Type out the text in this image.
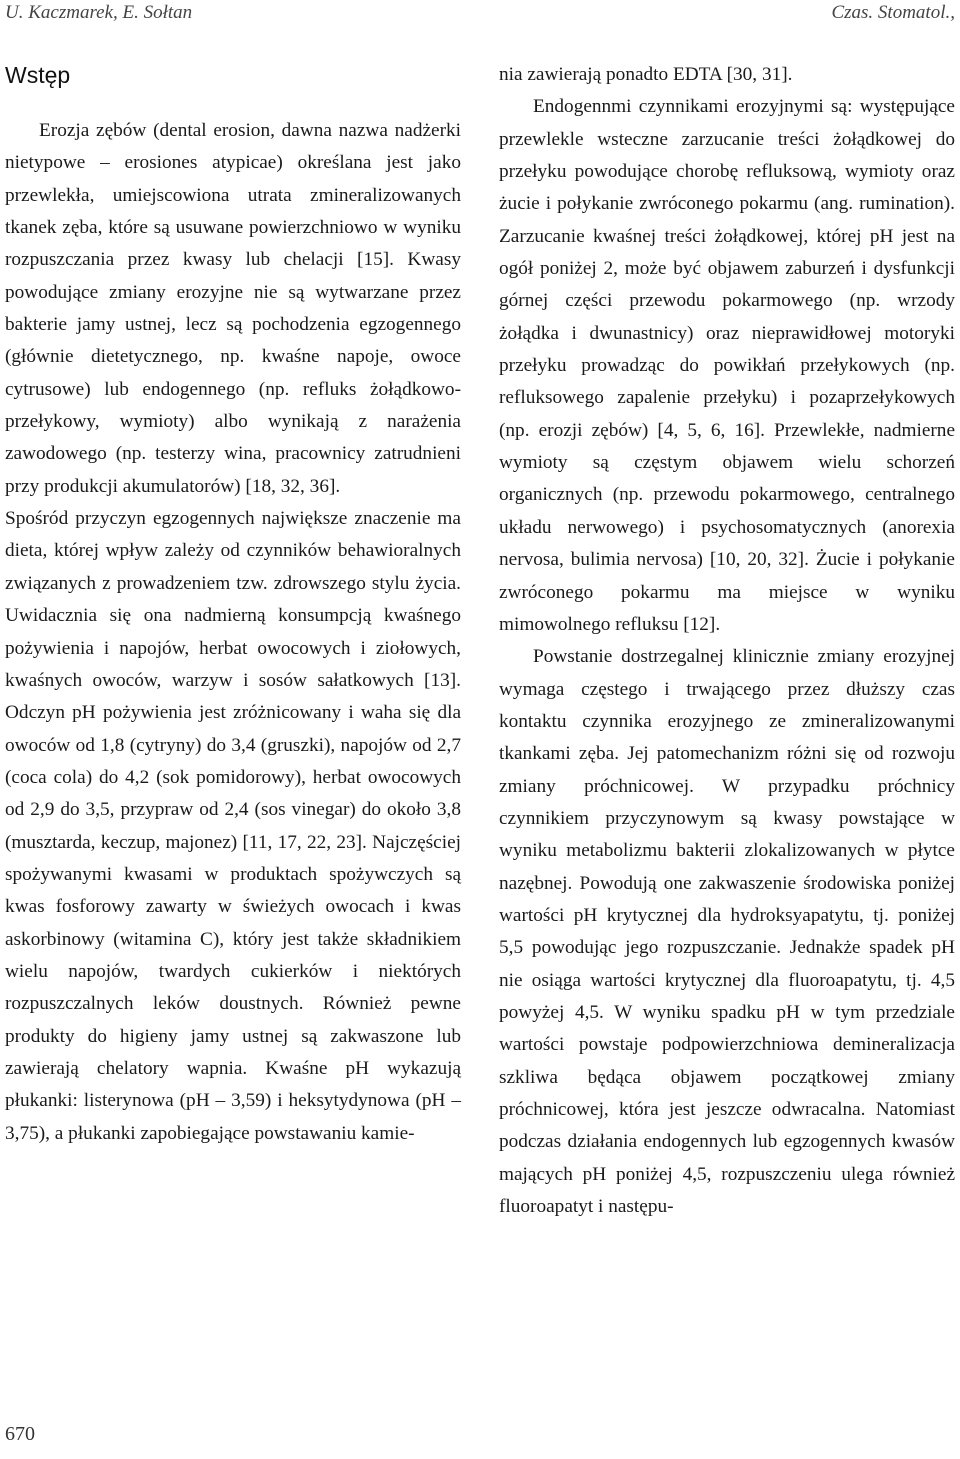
U. Kaczmarek, E. Sołtan	Czas. Stomatol.,
Wstęp

Erozja zębów (dental erosion, dawna nazwa nadżerki nietypowe – erosiones atypicae) określana jest jako przewlekła, umiejscowiona utrata zmineralizowanych tkanek zęba, które są usuwane powierzchniowo w wyniku rozpuszczania przez kwasy lub chelacji [15]. Kwasy powodujące zmiany erozyjne nie są wytwarzane przez bakterie jamy ustnej, lecz są pochodzenia egzogennego (głównie dietetycznego, np. kwaśne napoje, owoce cytrusowe) lub endogennego (np. refluks żołądkowo-przełykowy, wymioty) albo wynikają z narażenia zawodowego (np. testerzy wina, pracownicy zatrudnieni przy produkcji akumulatorów) [18, 32, 36].

Spośród przyczyn egzogennych największe znaczenie ma dieta, której wpływ zależy od czynników behawioralnych związanych z prowadzeniem tzw. zdrowszego stylu życia. Uwidacznia się ona nadmierną konsumpcją kwaśnego pożywienia i napojów, herbat owocowych i ziołowych, kwaśnych owoców, warzyw i sosów sałatkowych [13]. Odczyn pH pożywienia jest zróżnicowany i waha się dla owoców od 1,8 (cytryny) do 3,4 (gruszki), napojów od 2,7 (coca cola) do 4,2 (sok pomidorowy), herbat owocowych od 2,9 do 3,5, przypraw od 2,4 (sos vinegar) do około 3,8 (musztarda, keczup, majonez) [11, 17, 22, 23]. Najczęściej spożywanymi kwasami w produktach spożywczych są kwas fosforowy zawarty w świeżych owocach i kwas askorbinowy (witamina C), który jest także składnikiem wielu napojów, twardych cukierków i niektórych rozpuszczalnych leków doustnych. Również pewne produkty do higieny jamy ustnej są zakwaszone lub zawierają chelatory wapnia. Kwaśne pH wykazują płukanki: listerynowa (pH – 3,59) i heksytydynowa (pH – 3,75), a płukanki zapobiegające powstawaniu kamie-

nia zawierają ponadto EDTA [30, 31].

Endogennmi czynnikami erozyjnymi są: występujące przewlekle wsteczne zarzucanie treści żołądkowej do przełyku powodujące chorobę refluksową, wymioty oraz żucie i połykanie zwróconego pokarmu (ang. rumination). Zarzucanie kwaśnej treści żołądkowej, której pH jest na ogół poniżej 2, może być objawem zaburzeń i dysfunkcji górnej części przewodu pokarmowego (np. wrzody żołądka i dwunastnicy) oraz nieprawidłowej motoryki przełyku prowadząc do powikłań przełykowych (np. refluksowego zapalenie przełyku) i pozaprzełykowych (np. erozji zębów) [4, 5, 6, 16]. Przewlekłe, nadmierne wymioty są częstym objawem wielu schorzeń organicznych (np. przewodu pokarmowego, centralnego układu nerwowego) i psychosomatycznych (anorexia nervosa, bulimia nervosa) [10, 20, 32]. Żucie i połykanie zwróconego pokarmu ma miejsce w wyniku mimowolnego refluksu [12].

Powstanie dostrzegalnej klinicznie zmiany erozyjnej wymaga częstego i trwającego przez dłuższy czas kontaktu czynnika erozyjnego ze zmineralizowanymi tkankami zęba. Jej patomechanizm różni się od rozwoju zmiany próchnicowej. W przypadku próchnicy czynnikiem przyczynowym są kwasy powstające w wyniku metabolizmu bakterii zlokalizowanych w płytce nazębnej. Powodują one zakwaszenie środowiska poniżej wartości pH krytycznej dla hydroksyapatytu, tj. poniżej 5,5 powodując jego rozpuszczanie. Jednakże spadek pH nie osiąga wartości krytycznej dla fluoroapatytu, tj. 4,5 powyżej 4,5. W wyniku spadku pH w tym przedziale wartości powstaje podpowierzchniowa demineralizacja szkliwa będąca objawem początkowej zmiany próchnicowej, która jest jeszcze odwracalna. Natomiast podczas działania endogennych lub egzogennych kwasów mających pH poniżej 4,5, rozpuszczeniu ulega również fluoroapatyt i następu-

670
